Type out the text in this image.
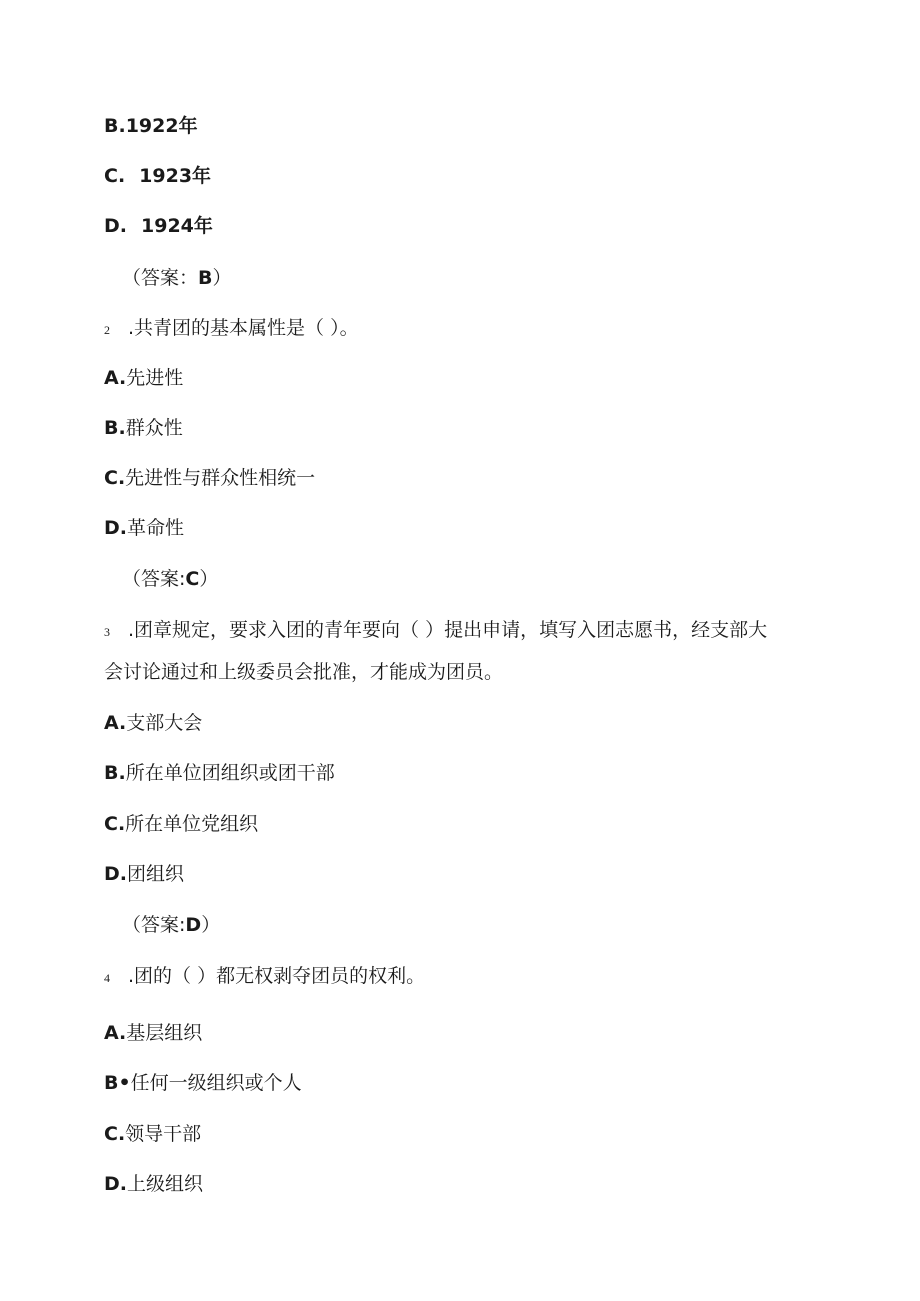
B.1922年
C. 1923年
D. 1924年
（答案：B）
2 .共青团的基本属性是（ ）。
A.先进性
B.群众性
C.先进性与群众性相统一
D.革命性
（答案:C）
3 .团章规定，要求入团的青年要向（ ）提出申请，填写入团志愿书，经支部大
会讨论通过和上级委员会批准，才能成为团员。
A.支部大会
B.所在单位团组织或团干部
C.所在单位党组织
D.团组织
（答案:D）
4 .团的（ ）都无权剥夺团员的权利。
A.基层组织
B•任何一级组织或个人
C.领导干部
D.上级组织
